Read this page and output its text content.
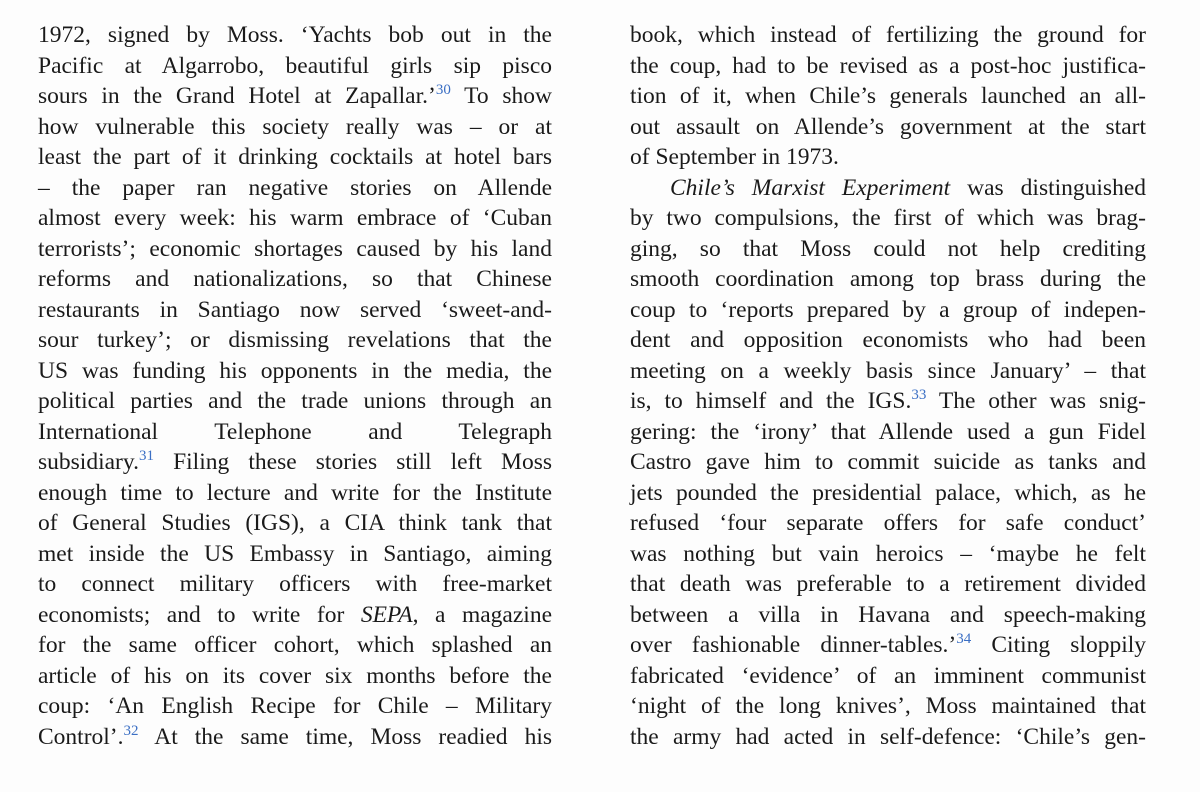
1972, signed by Moss. ‘Yachts bob out in the
Pacific at Algarrobo, beautiful girls sip pisco
sours in the Grand Hotel at Zapallar.’$^{30}$ To show
how vulnerable this society really was – or at
least the part of it drinking cocktails at hotel bars
– the paper ran negative stories on Allende
almost every week: his warm embrace of ‘Cuban
terrorists’; economic shortages caused by his land
reforms and nationalizations, so that Chinese
restaurants in Santiago now served ‘sweet-and-
sour turkey’; or dismissing revelations that the
US was funding his opponents in the media, the
political parties and the trade unions through an
International Telephone and Telegraph
subsidiary.$^{31}$ Filing these stories still left Moss
enough time to lecture and write for the Institute
of General Studies (IGS), a CIA think tank that
met inside the US Embassy in Santiago, aiming
to connect military officers with free-market
economists; and to write for SEPA, a magazine
for the same officer cohort, which splashed an
article of his on its cover six months before the
coup: ‘An English Recipe for Chile – Military
Control’.$^{32}$ At the same time, Moss readied his
book, which instead of fertilizing the ground for
the coup, had to be revised as a post-hoc justifica-
tion of it, when Chile’s generals launched an all-
out assault on Allende’s government at the start
of September in 1973.
Chile’s Marxist Experiment was distinguished
by two compulsions, the first of which was brag-
ging, so that Moss could not help crediting
smooth coordination among top brass during the
coup to ‘reports prepared by a group of indepen-
dent and opposition economists who had been
meeting on a weekly basis since January’ – that
is, to himself and the IGS.$^{33}$ The other was snig-
gering: the ‘irony’ that Allende used a gun Fidel
Castro gave him to commit suicide as tanks and
jets pounded the presidential palace, which, as he
refused ‘four separate offers for safe conduct’
was nothing but vain heroics – ‘maybe he felt
that death was preferable to a retirement divided
between a villa in Havana and speech-making
over fashionable dinner-tables.’$^{34}$ Citing sloppily
fabricated ‘evidence’ of an imminent communist
‘night of the long knives’, Moss maintained that
the army had acted in self-defence: ‘Chile’s gen-
